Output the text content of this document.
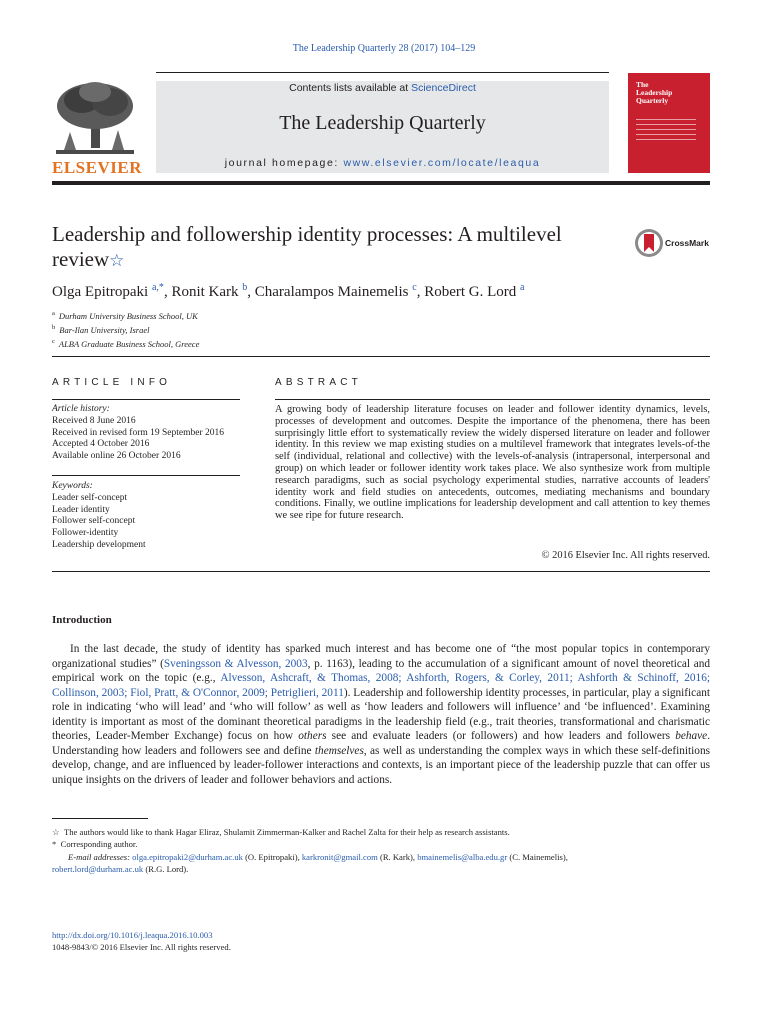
The Leadership Quarterly 28 (2017) 104–129
ELSEVIER
Contents lists available at ScienceDirect
The Leadership Quarterly
journal homepage: www.elsevier.com/locate/leaqua
The Leadership Quarterly
Leadership and followership identity processes: A multilevel review☆
CrossMark
Olga Epitropaki $^{a,*}$, Ronit Kark $^b$, Charalampos Mainemelis $^c$, Robert G. Lord $^a$
$^a$ Durham University Business School, UK
$^b$ Bar-Ilan University, Israel
$^c$ ALBA Graduate Business School, Greece
ARTICLE INFO
Article history:
Received 8 June 2016
Received in revised form 19 September 2016
Accepted 4 October 2016
Available online 26 October 2016
Keywords:
Leader self-concept
Leader identity
Follower self-concept
Follower-identity
Leadership development
ABSTRACT
A growing body of leadership literature focuses on leader and follower identity dynamics, levels, processes of development and outcomes. Despite the importance of the phenomena, there has been surprisingly little effort to systematically review the widely dispersed literature on leader and follower identity. In this review we map existing studies on a multilevel framework that integrates levels-of-the self (individual, relational and collective) with the levels-of-analysis (intrapersonal, interpersonal and group) on which leader or follower identity work takes place. We also synthesize work from multiple research paradigms, such as social psychology experimental studies, narrative accounts of leaders' identity work and field studies on antecedents, outcomes, mediating mechanisms and boundary conditions. Finally, we outline implications for leadership development and call attention to key themes we see ripe for future research.
© 2016 Elsevier Inc. All rights reserved.
Introduction
In the last decade, the study of identity has sparked much interest and has become one of “the most popular topics in contemporary organizational studies” (Sveningsson & Alvesson, 2003, p. 1163), leading to the accumulation of a significant amount of novel theoretical and empirical work on the topic (e.g., Alvesson, Ashcraft, & Thomas, 2008; Ashforth, Rogers, & Corley, 2011; Ashforth & Schinoff, 2016; Collinson, 2003; Fiol, Pratt, & O'Connor, 2009; Petriglieri, 2011). Leadership and followership identity processes, in particular, play a significant role in indicating ‘who will lead’ and ‘who will follow’ as well as ‘how leaders and followers will influence’ and ‘be influenced’. Examining identity is important as most of the dominant theoretical paradigms in the leadership field (e.g., trait theories, transformational and charismatic theories, Leader-Member Exchange) focus on how others see and evaluate leaders (or followers) and how leaders and followers behave. Understanding how leaders and followers see and define themselves, as well as understanding the complex ways in which these self-definitions develop, change, and are influenced by leader-follower interactions and contexts, is an important piece of the leadership puzzle that can offer us unique insights on the drivers of leader and follower behaviors and actions.
☆ The authors would like to thank Hagar Eliraz, Shulamit Zimmerman-Kalker and Rachel Zalta for their help as research assistants.
* Corresponding author.
E-mail addresses: olga.epitropaki2@durham.ac.uk (O. Epitropaki), karkronit@gmail.com (R. Kark), bmainemelis@alba.edu.gr (C. Mainemelis),
robert.lord@durham.ac.uk (R.G. Lord).
http://dx.doi.org/10.1016/j.leaqua.2016.10.003
1048-9843/© 2016 Elsevier Inc. All rights reserved.
